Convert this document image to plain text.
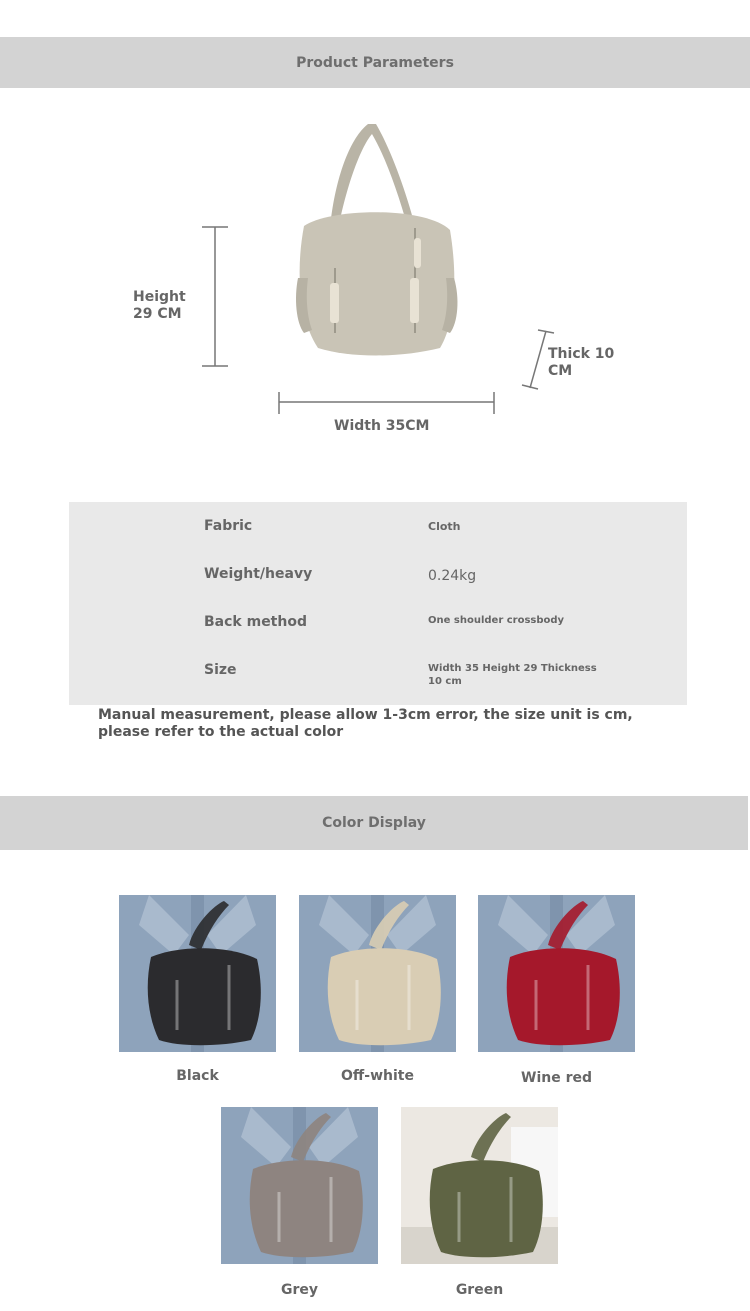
Product Parameters
Height 29 CM
Width 35CM
Thick 10 CM
Fabric	Cloth
Weight/heavy	0.24kg
Back method	One shoulder crossbody
Size	Width 35 Height 29 Thickness 10 cm
Manual measurement, please allow 1-3cm error, the size unit is cm, please refer to the actual color
Color Display
Black	Off-white	Wine red
Grey	Green
